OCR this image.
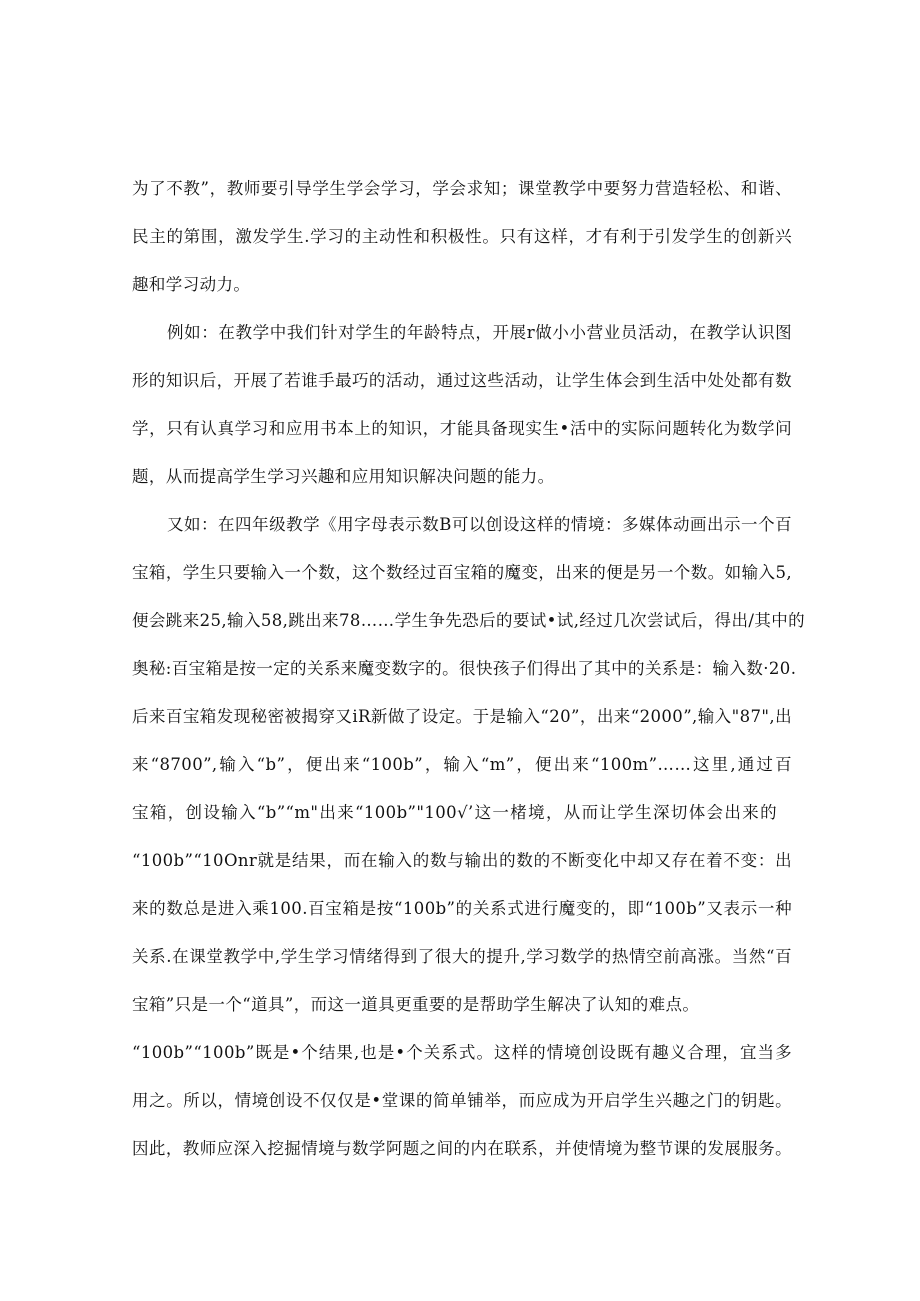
为了不教”，教师要引导学生学会学习，学会求知；课堂教学中要努力营造轻松、和谐、
民主的第围，激发学生.学习的主动性和积极性。只有这样，才有利于引发学生的创新兴
趣和学习动力。
例如：在教学中我们针对学生的年龄特点，开展r做小小营业员活动，在教学认识图
形的知识后，开展了若谁手最巧的活动，通过这些活动，让学生体会到生活中处处都有数
学，只有认真学习和应用书本上的知识，才能具备现实生•活中的实际问题转化为数学问
题，从而提高学生学习兴趣和应用知识解决问题的能力。
又如：在四年级教学《用字母表示数B可以创设这样的情境：多媒体动画出示一个百
宝箱，学生只要输入一个数，这个数经过百宝箱的魔变，出来的便是另一个数。如输入5,
便会跳来25,输入58,跳出来78……学生争先恐后的要试•试,经过几次尝试后，得出/其中的
奥秘:百宝箱是按一定的关系来魔变数字的。很快孩子们得出了其中的关系是：输入数·20.
后来百宝箱发现秘密被揭穿又iR新做了设定。于是输入“20”，出来“2000”,输入"87",出
来“8700”,输入“b”，便出来“100b”，输入“m”，便出来“100m”……这里,通过百
宝箱，创设输入“b”“m"出来“100b”"100√’这一楮境，从而让学生深切体会出来的
“100b”“10Onr就是结果，而在输入的数与输出的数的不断变化中却又存在着不变：出
来的数总是进入乘100.百宝箱是按“100b”的关系式进行魔变的，即“100b”又表示一种
关系.在课堂教学中,学生学习情绪得到了很大的提升,学习数学的热情空前高涨。当然“百
宝箱”只是一个“道具”，而这一道具更重要的是帮助学生解决了认知的难点。
“100b”“100b”既是•个结果,也是•个关系式。这样的情境创设既有趣义合理，宜当多
用之。所以，情境创设不仅仅是•堂课的简单铺举，而应成为开启学生兴趣之门的钥匙。
因此，教师应深入挖掘情境与数学阿题之间的内在联系，并使情境为整节课的发展服务。
